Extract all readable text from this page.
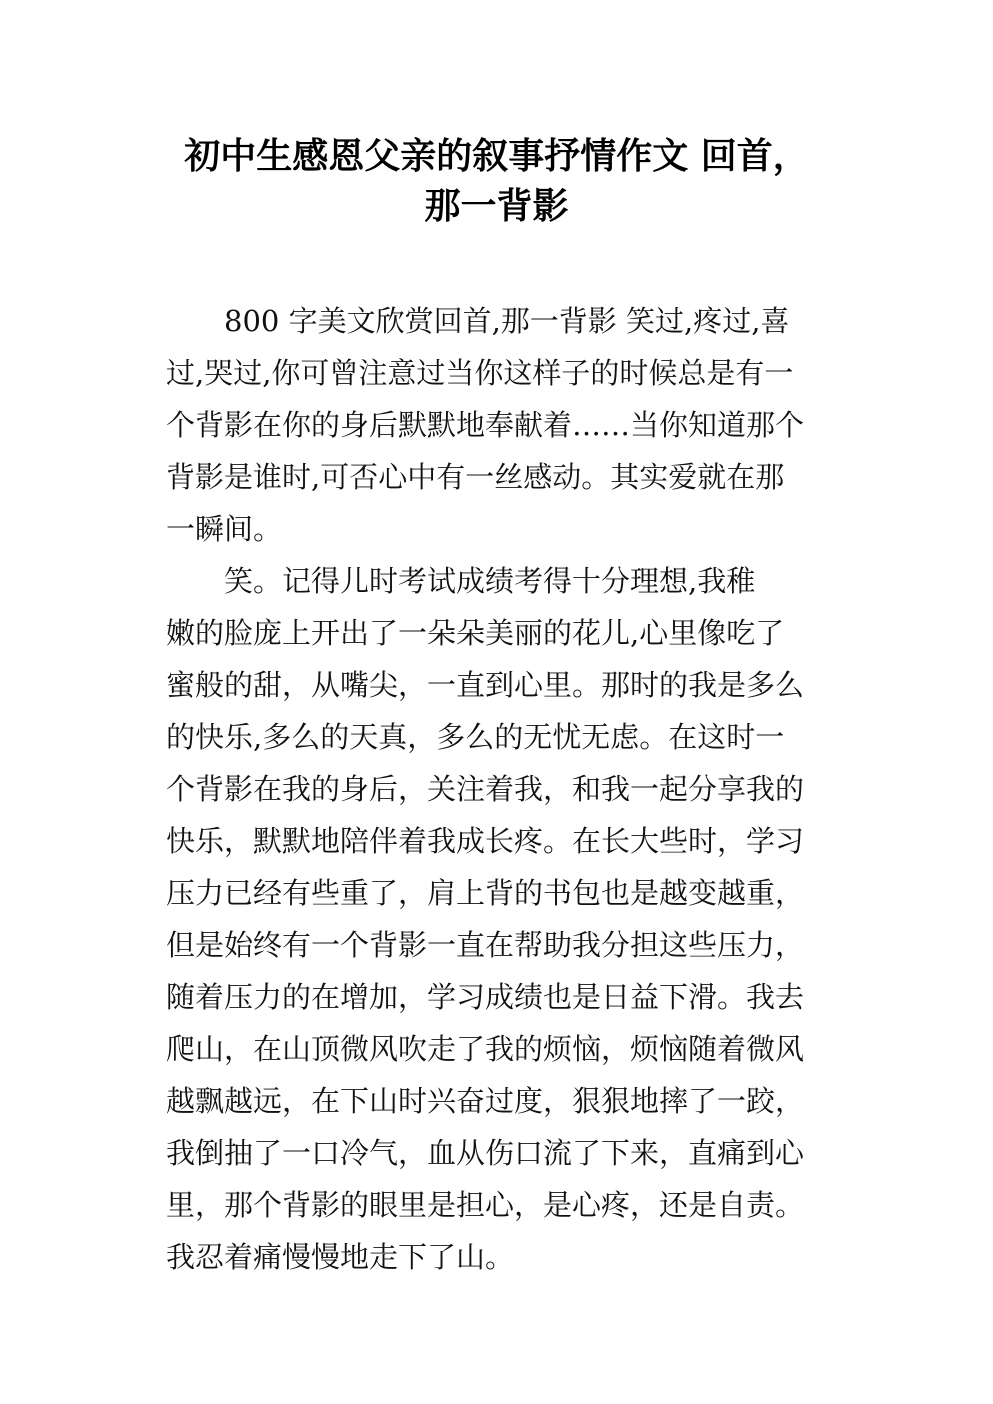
初中生感恩父亲的叙事抒情作文 回首，
那一背影
800 字美文欣赏回首,那一背影 笑过,疼过,喜
过,哭过,你可曾注意过当你这样子的时候总是有一
个背影在你的身后默默地奉献着……当你知道那个
背影是谁时,可否心中有一丝感动。其实爱就在那
一瞬间。
笑。记得儿时考试成绩考得十分理想,我稚
嫩的脸庞上开出了一朵朵美丽的花儿,心里像吃了
蜜般的甜，从嘴尖，一直到心里。那时的我是多么
的快乐,多么的天真，多么的无忧无虑。在这时一
个背影在我的身后，关注着我，和我一起分享我的
快乐，默默地陪伴着我成长疼。在长大些时，学习
压力已经有些重了，肩上背的书包也是越变越重，
但是始终有一个背影一直在帮助我分担这些压力，
随着压力的在增加，学习成绩也是日益下滑。我去
爬山，在山顶微风吹走了我的烦恼，烦恼随着微风
越飘越远，在下山时兴奋过度，狠狠地摔了一跤，
我倒抽了一口冷气，血从伤口流了下来，直痛到心
里，那个背影的眼里是担心，是心疼，还是自责。
我忍着痛慢慢地走下了山。
